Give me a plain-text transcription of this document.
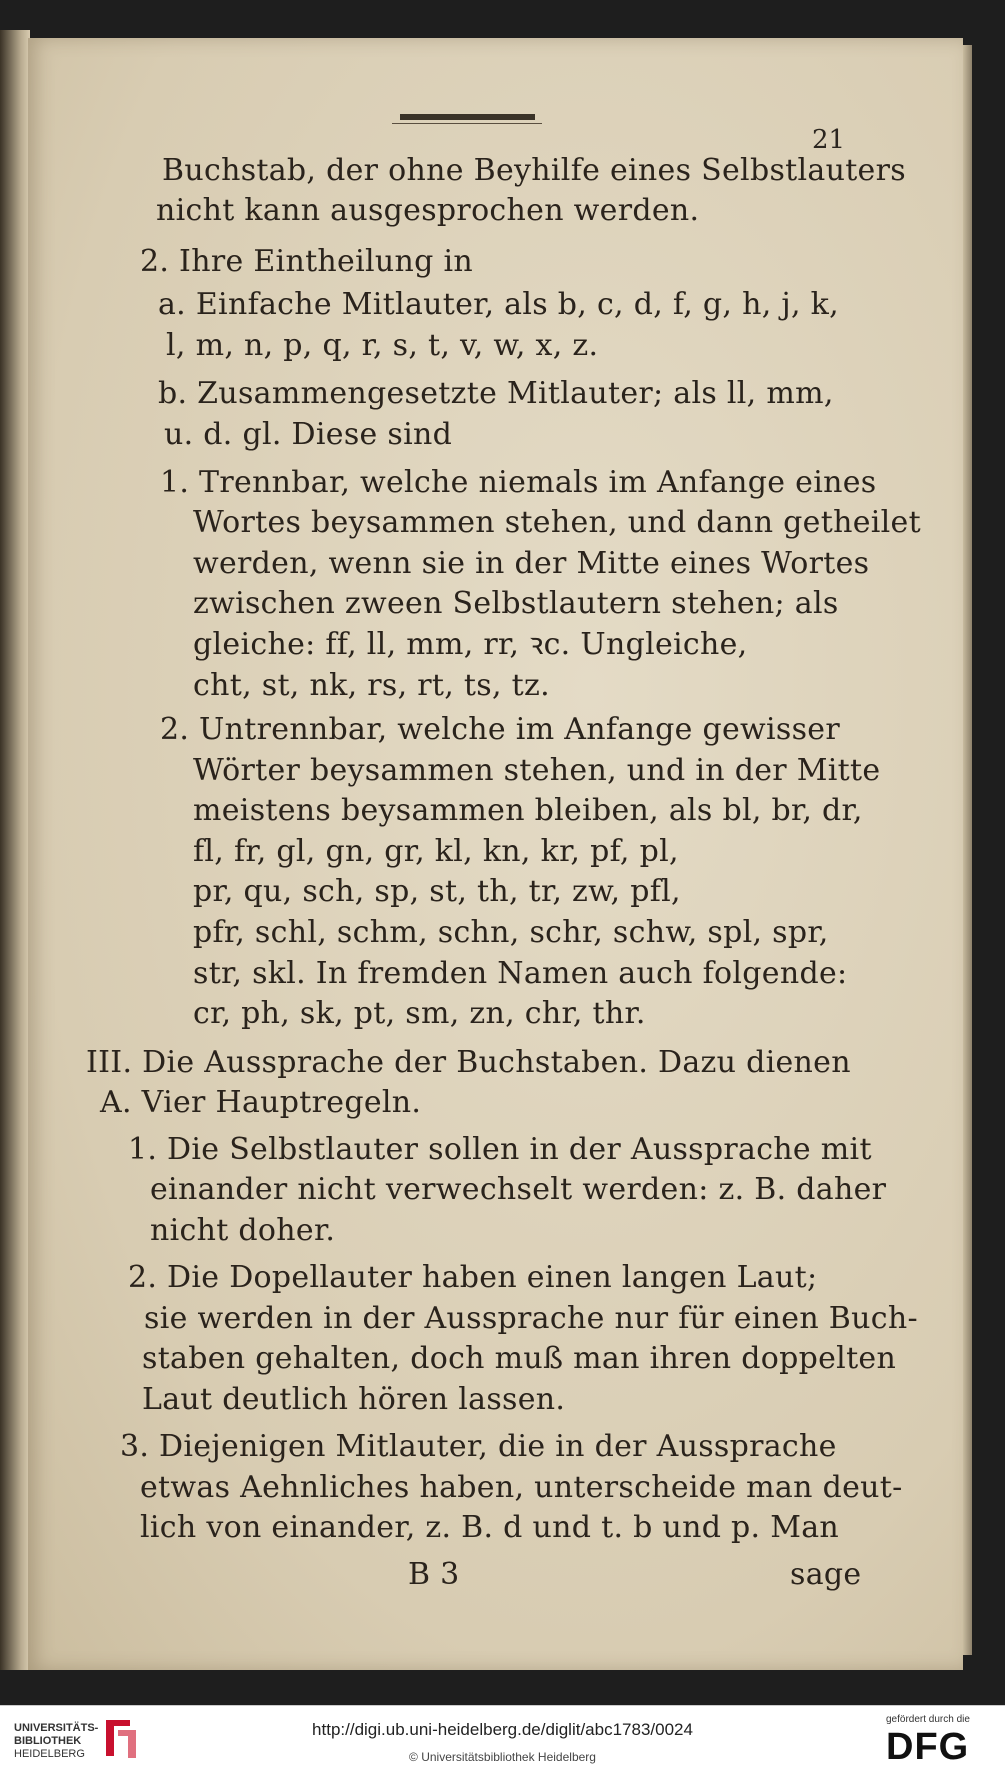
21
Buchstab, der ohne Beyhilfe eines Selbstlauters
nicht kann ausgesprochen werden.
2. Ihre Eintheilung in
a. Einfache Mitlauter, als b, c, d, f, g, h, j, k,
l, m, n, p, q, r, s, t, v, w, x, z.
b. Zusammengesetzte Mitlauter; als ll, mm,
u. d. gl. Diese sind
1. Trennbar, welche niemals im Anfange eines
Wortes beysammen stehen, und dann getheilet
werden, wenn sie in der Mitte eines Wortes
zwischen zween Selbstlautern stehen; als
gleiche: ff, ll, mm, rr, ꝛc. Ungleiche,
cht, st, nk, rs, rt, ts, tz.
2. Untrennbar, welche im Anfange gewisser
Wörter beysammen stehen, und in der Mitte
meistens beysammen bleiben, als bl, br, dr,
fl, fr, gl, gn, gr, kl, kn, kr, pf, pl,
pr, qu, sch, sp, st, th, tr, zw, pfl,
pfr, schl, schm, schn, schr, schw, spl, spr,
str, skl. In fremden Namen auch folgende:
cr, ph, sk, pt, sm, zn, chr, thr.
III. Die Aussprache der Buchstaben. Dazu dienen
A. Vier Hauptregeln.
1. Die Selbstlauter sollen in der Aussprache mit
einander nicht verwechselt werden: z. B. daher
nicht doher.
2. Die Dopellauter haben einen langen Laut;
sie werden in der Aussprache nur für einen Buch-
staben gehalten, doch muß man ihren doppelten
Laut deutlich hören lassen.
3. Diejenigen Mitlauter, die in der Aussprache
etwas Aehnliches haben, unterscheide man deut-
lich von einander, z. B. d und t. b und p. Man
B 3	sage
UNIVERSITÄTS-
BIBLIOTHEK
HEIDELBERG
http://digi.ub.uni-heidelberg.de/diglit/abc1783/0024
© Universitätsbibliothek Heidelberg
gefördert durch die
DFG
